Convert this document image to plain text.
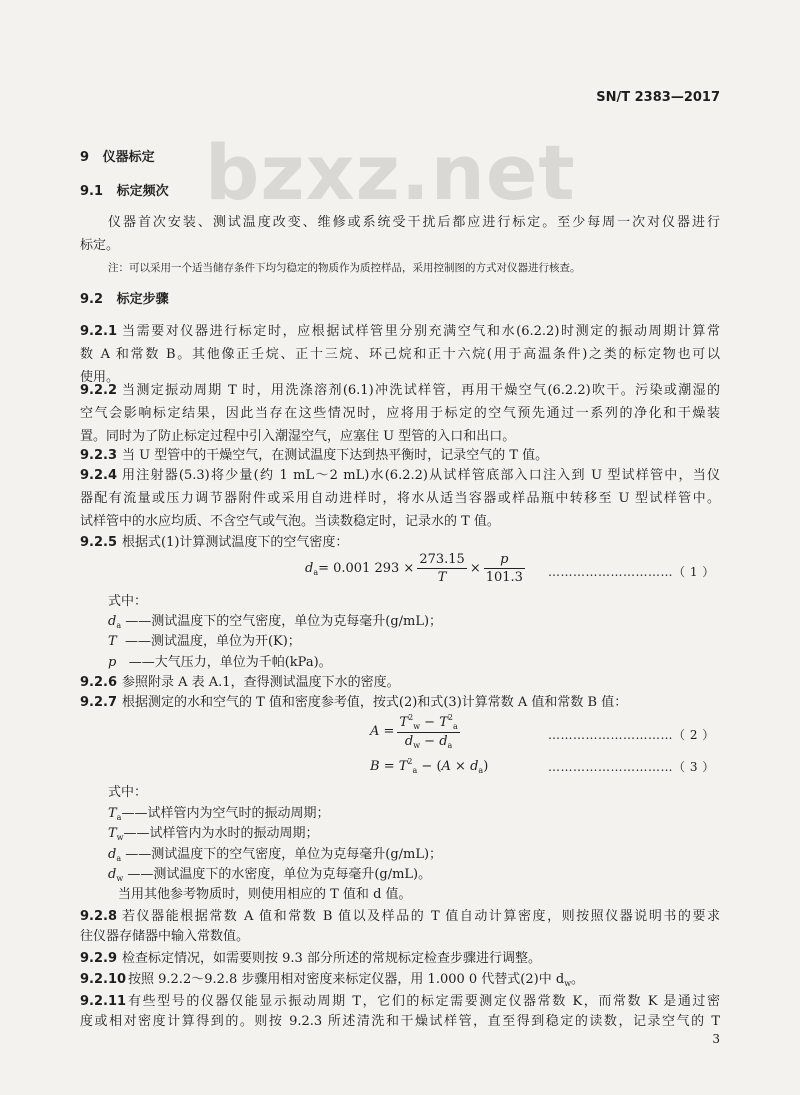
bzxz.net
SN/T 2383—2017
9 仪器标定
9.1 标定频次
仪器首次安装、测试温度改变、维修或系统受干扰后都应进行标定。至少每周一次对仪器进行
标定。
注：可以采用一个适当储存条件下均匀稳定的物质作为质控样品，采用控制图的方式对仪器进行核查。
9.2 标定步骤
9.2.1 当需要对仪器进行标定时，应根据试样管里分别充满空气和水(6.2.2)时测定的振动周期计算常
数 A 和常数 B。其他像正壬烷、正十三烷、环己烷和正十六烷(用于高温条件)之类的标定物也可以
使用。
9.2.2 当测定振动周期 T 时，用洗涤溶剂(6.1)冲洗试样管，再用干燥空气(6.2.2)吹干。污染或潮湿的
空气会影响标定结果，因此当存在这些情况时，应将用于标定的空气预先通过一系列的净化和干燥装
置。同时为了防止标定过程中引入潮湿空气，应塞住 U 型管的入口和出口。
9.2.3 当 U 型管中的干燥空气，在测试温度下达到热平衡时，记录空气的 T 值。
9.2.4 用注射器(5.3)将少量(约 1 mL～2 mL)水(6.2.2)从试样管底部入口注入到 U 型试样管中，当仪
器配有流量或压力调节器附件或采用自动进样时，将水从适当容器或样品瓶中转移至 U 型试样管中。
试样管中的水应均质、不含空气或气泡。当读数稳定时，记录水的 T 值。
9.2.5 根据式(1)计算测试温度下的空气密度：
$d_a= 0.001$ $293 \times \frac{273.15}{T} \times \frac{p}{101.3}$ …………………………（ 1 ）
式中：
$d_a$ ——测试温度下的空气密度，单位为克每毫升(g/mL)；
T ——测试温度，单位为开(K)；
p ——大气压力，单位为千帕(kPa)。
9.2.6 参照附录 A 表 A.1，查得测试温度下水的密度。
9.2.7 根据测定的水和空气的 T 值和密度参考值，按式(2)和式(3)计算常数 A 值和常数 B 值：
$A = \frac{T^2_w - T^2_a}{d_w - d_a}$	…………………………（ 2 ）
$B = T^2_a - (A \times d_a)$	…………………………（ 3 ）
式中：
$T_a——$试样管内为空气时的振动周期；
$T_w——$试样管内为水时的振动周期；
$d_a$ ——测试温度下的空气密度，单位为克每毫升(g/mL)；
$d_w$ ——测试温度下的水密度，单位为克每毫升(g/mL)。
当用其他参考物质时，则使用相应的 T 值和 d 值。
9.2.8 若仪器能根据常数 A 值和常数 B 值以及样品的 T 值自动计算密度，则按照仪器说明书的要求
往仪器存储器中输入常数值。
9.2.9 检查标定情况，如需要则按 9.3 部分所述的常规标定检查步骤进行调整。
9.2.10 按照 9.2.2～9.2.8 步骤用相对密度来标定仪器，用 1.000 0 代替式(2)中 $d_w$。
9.2.11 有些型号的仪器仅能显示振动周期 T，它们的标定需要测定仪器常数 K，而常数 K 是通过密
度或相对密度计算得到的。则按 9.2.3 所述清洗和干燥试样管，直至得到稳定的读数，记录空气的 T
3
